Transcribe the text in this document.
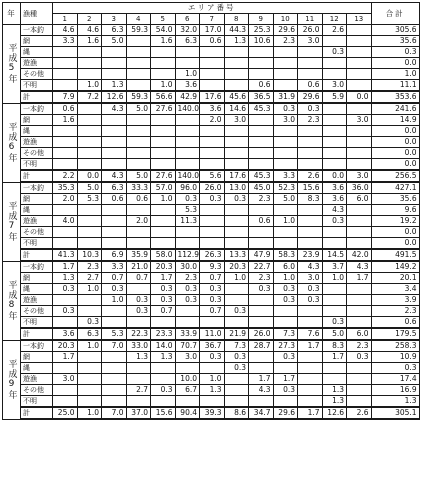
年	漁種	エリア番号													合計
		1	2	3	4	5	6	7	8	9	10	11	12	13	
平成5年	一本釣	4.6	4.6	6.3	59.3	54.0	32.0	17.0	44.3	25.3	29.6	26.0	2.6		305.6
	網	3.3	1.6	5.0		1.6	6.3	0.6	1.3	10.6	2.3	3.0			35.6
	縄												0.3		0.3
	遊漁														0.0
	その他						1.0								1.0
	不明		1.0	1.3		1.0	3.6			0.6		0.6	3.0		11.1
	計	7.9	7.2	12.6	59.3	56.6	42.9	17.6	45.6	36.5	31.9	29.6	5.9	0.0	353.6
平成6年	一本釣	0.6		4.3	5.0	27.6	140.0	3.6	14.6	45.3	0.3	0.3			241.6
	網	1.6						2.0	3.0		3.0	2.3		3.0	14.9
	縄														0.0
	遊漁														0.0
	その他														0.0
	不明														0.0
	計	2.2	0.0	4.3	5.0	27.6	140.0	5.6	17.6	45.3	3.3	2.6	0.0	3.0	256.5
平成7年	一本釣	35.3	5.0	6.3	33.3	57.0	96.0	26.0	13.0	45.0	52.3	15.6	3.6	36.0	427.1
	網	2.0	5.3	0.6	0.6	1.0	0.3	0.3	0.3	2.3	5.0	8.3	3.6	6.0	35.6
	縄						5.3						4.3		9.6
	遊漁	4.0			2.0		11.3			0.6	1.0		0.3		19.2
	その他														0.0
	不明														0.0
	計	41.3	10.3	6.9	35.9	58.0	112.9	26.3	13.3	47.9	58.3	23.9	14.5	42.0	491.5
平成8年	一本釣	1.7	2.3	3.3	21.0	20.3	30.0	9.3	20.3	22.7	6.0	4.3	3.7	4.3	149.2
	網	1.3	2.7	0.7	0.7	1.7	2.3	0.7	1.0	2.3	1.0	3.0	1.0	1.7	20.1
	縄	0.3	1.0	0.3		0.3	0.3	0.3		0.3	0.3	0.3			3.4
	遊漁			1.0	0.3	0.3	0.3	0.3			0.3	0.3			3.9
	その他	0.3			0.3	0.7		0.7	0.3						2.3
	不明		0.3										0.3		0.6
	計	3.6	6.3	5.3	22.3	23.3	33.9	11.0	21.9	26.0	7.3	7.6	5.0	6.0	179.5
平成9年	一本釣	20.3	1.0	7.0	33.0	14.0	70.7	36.7	7.3	28.7	27.3	1.7	8.3	2.3	258.3
	網	1.7			1.3	1.3	3.0	0.3	0.3		0.3		1.7	0.3	10.9
	縄								0.3						0.3
	遊漁	3.0					10.0	1.0		1.7	1.7				17.4
	その他				2.7	0.3	6.7	1.3		4.3	0.3		1.3		16.9
	不明												1.3		1.3
	計	25.0	1.0	7.0	37.0	15.6	90.4	39.3	8.6	34.7	29.6	1.7	12.6	2.6	305.1
